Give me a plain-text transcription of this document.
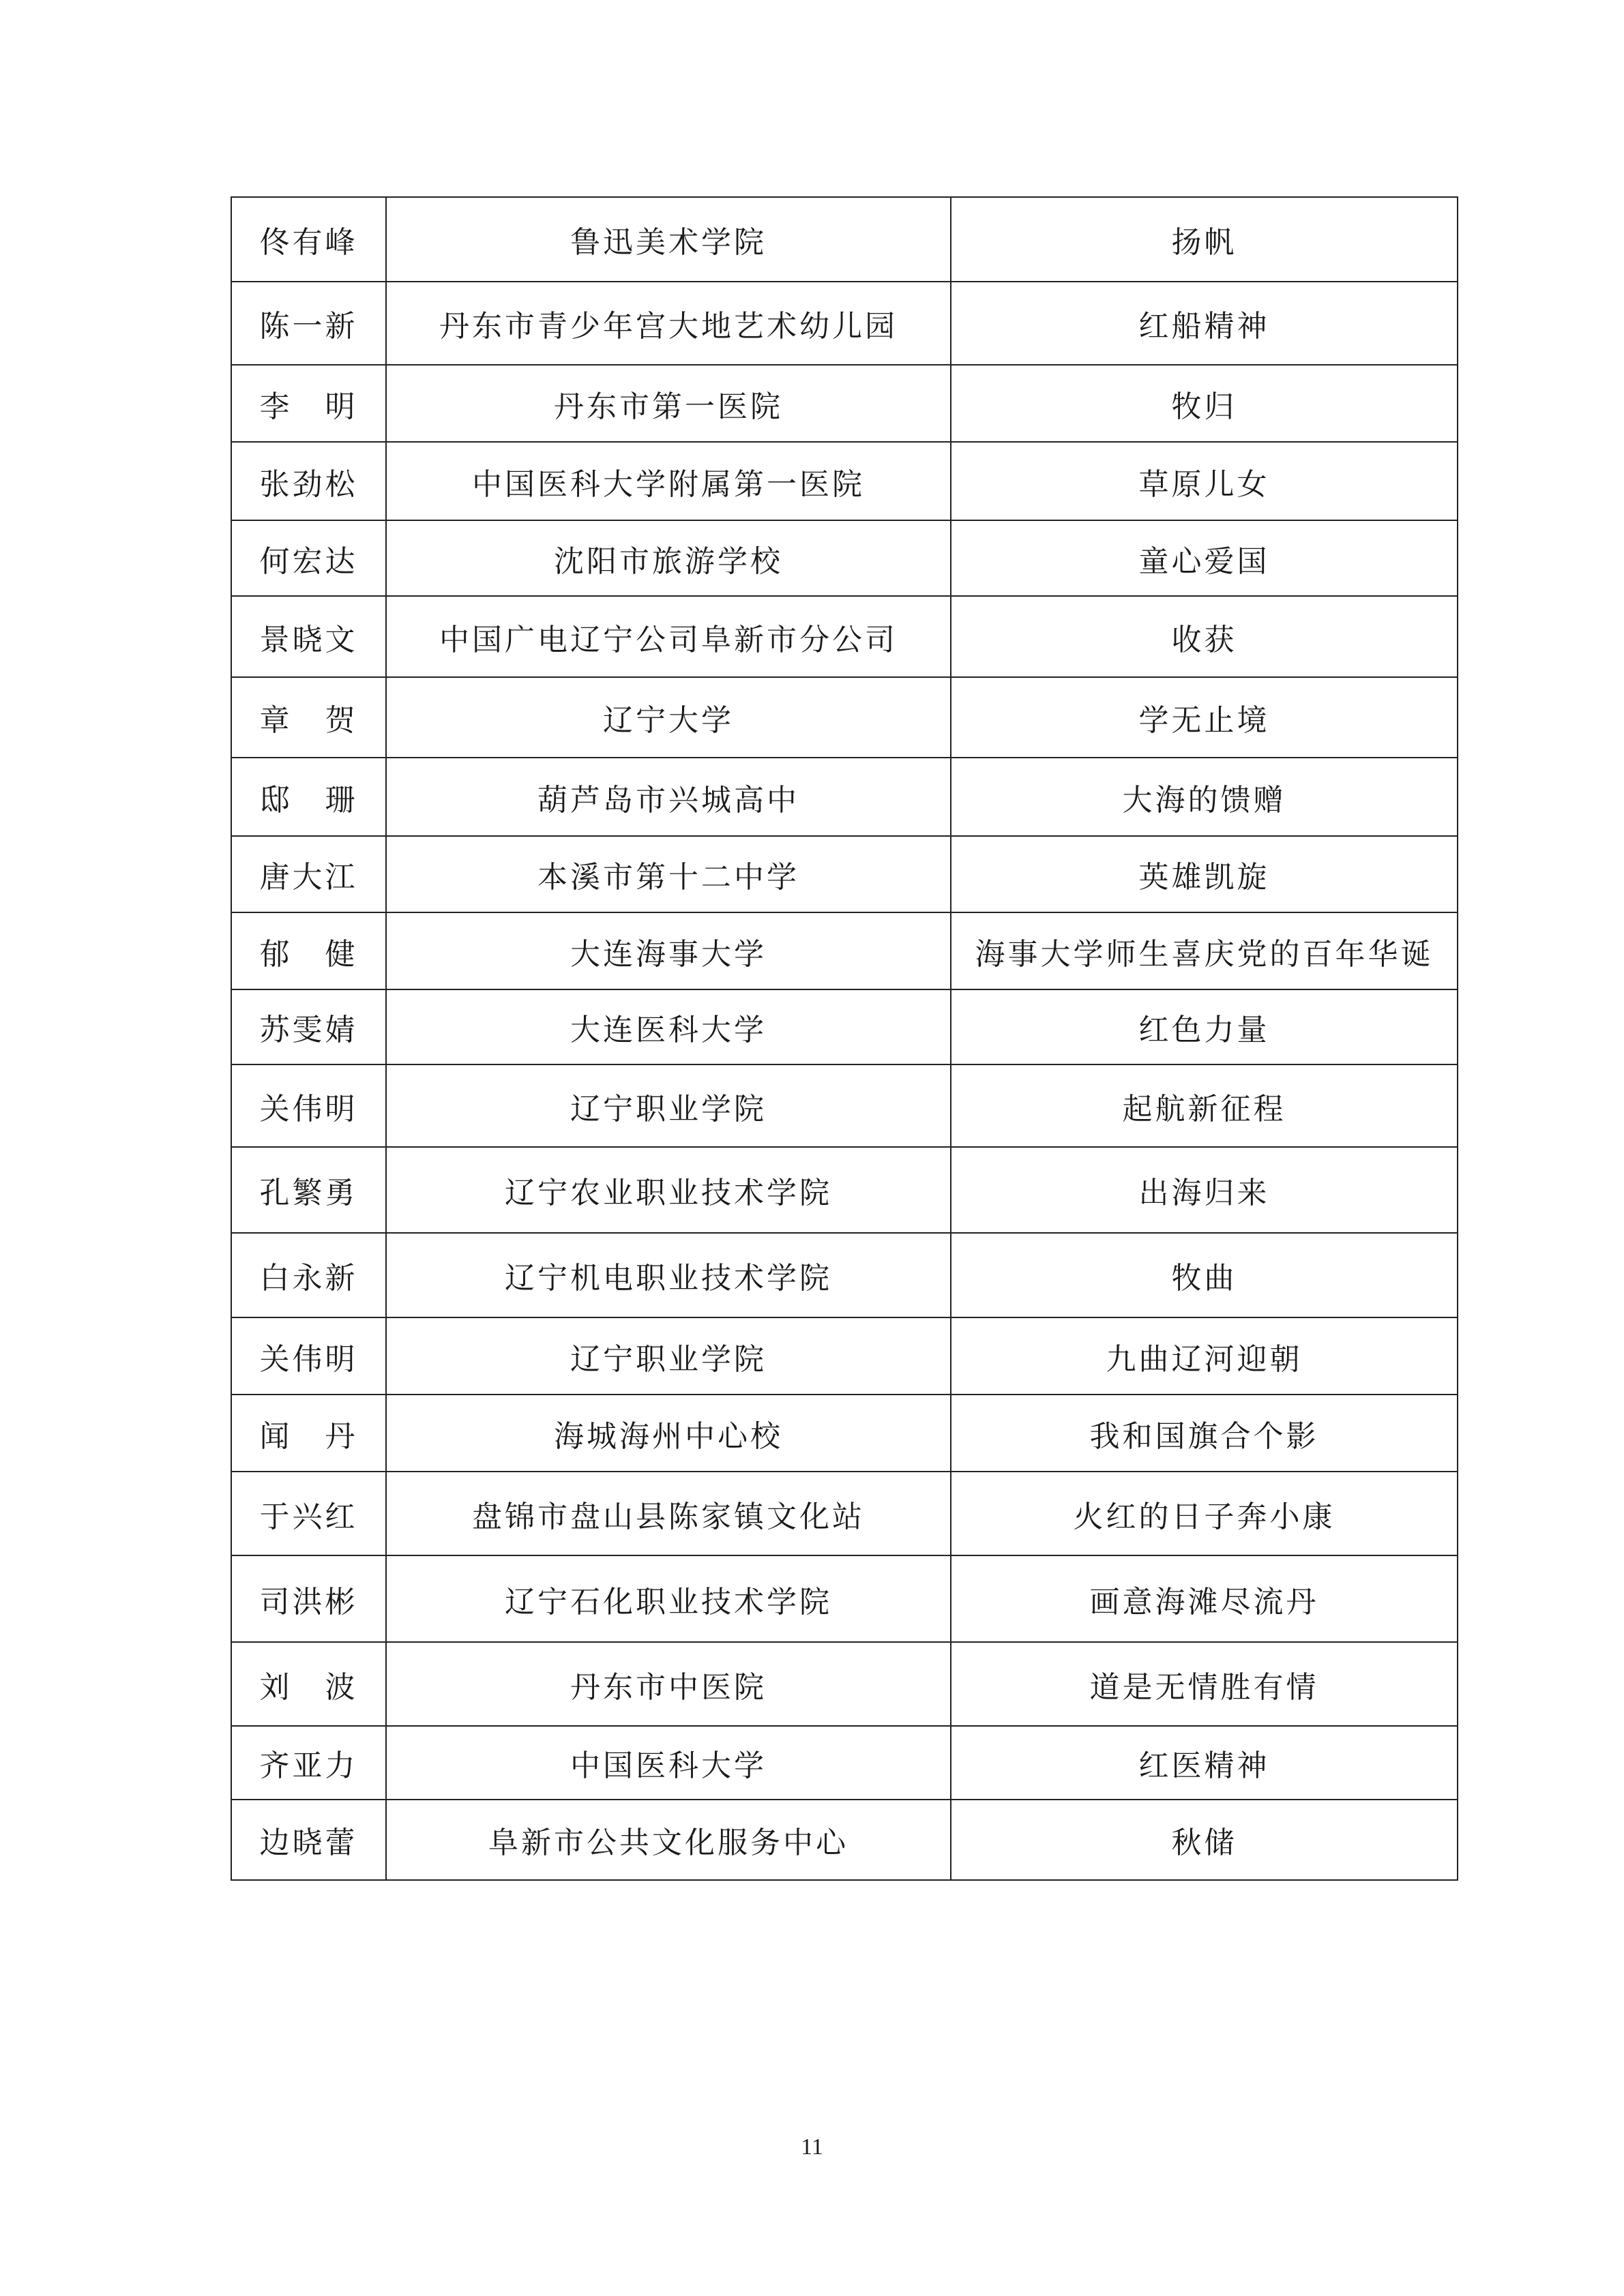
佟有峰	鲁迅美术学院	扬帆
陈一新	丹东市青少年宫大地艺术幼儿园	红船精神
李　明	丹东市第一医院	牧归
张劲松	中国医科大学附属第一医院	草原儿女
何宏达	沈阳市旅游学校	童心爱国
景晓文	中国广电辽宁公司阜新市分公司	收获
章　贺	辽宁大学	学无止境
邸　珊	葫芦岛市兴城高中	大海的馈赠
唐大江	本溪市第十二中学	英雄凯旋
郁　健	大连海事大学	海事大学师生喜庆党的百年华诞
苏雯婧	大连医科大学	红色力量
关伟明	辽宁职业学院	起航新征程
孔繁勇	辽宁农业职业技术学院	出海归来
白永新	辽宁机电职业技术学院	牧曲
关伟明	辽宁职业学院	九曲辽河迎朝
闻　丹	海城海州中心校	我和国旗合个影
于兴红	盘锦市盘山县陈家镇文化站	火红的日子奔小康
司洪彬	辽宁石化职业技术学院	画意海滩尽流丹
刘　波	丹东市中医院	道是无情胜有情
齐亚力	中国医科大学	红医精神
边晓蕾	阜新市公共文化服务中心	秋储
11
